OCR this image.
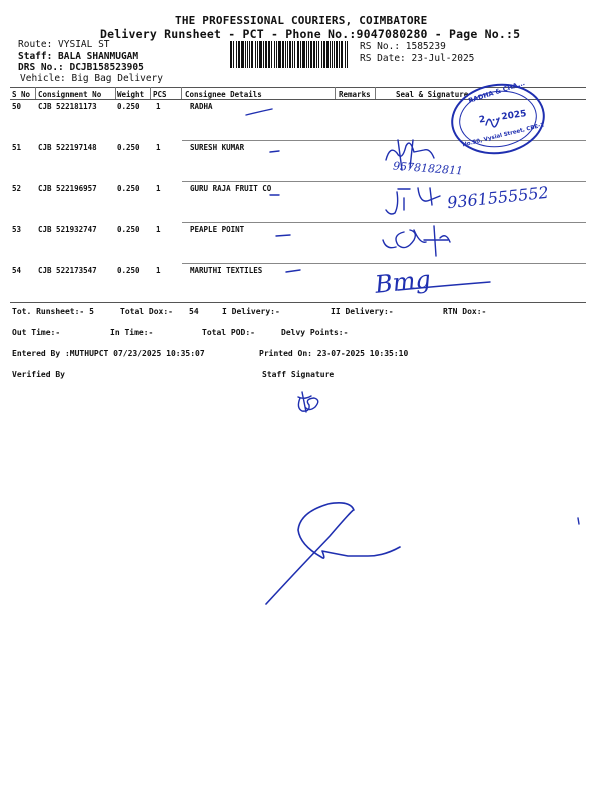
THE PROFESSIONAL COURIERS, COIMBATORE
Delivery Runsheet - PCT - Phone No.:9047080280 - Page No.:5
Route: VYSIAL ST
Staff: BALA SHANMUGAM
DRS No.: DCJB158523905
Vehicle: Big Bag Delivery
RS No.: 1585239
RS Date: 23-Jul-2025
S No Consignment No Weight PCS Consignee Details	Remarks	Seal & Signature
50 CJB 522181173	0.250 1	RADHA
51 CJB 522197148	0.250 1	SURESH KUMAR
52 CJB 522196957	0.250 1	GURU RAJA FRUIT CO
53 CJB 521932747	0.250 1	PEAPLE POINT
54 CJB 522173547	0.250 1	MARUTHI TEXTILES
9578182811
9361555552
Bmg
RADHA & CHA...
2 ... 2025
No.50, Vysial Street, CBE-1
Tot. Runsheet:- 5	Total Dox:- 54	I Delivery:-	II Delivery:-	RTN Dox:-
Out Time:-	In Time:-	Total POD:-	Delvy Points:-
Entered By :MUTHUPCT 07/23/2025 10:35:07	Printed On: 23-07-2025 10:35:10
Verified By	Staff Signature
